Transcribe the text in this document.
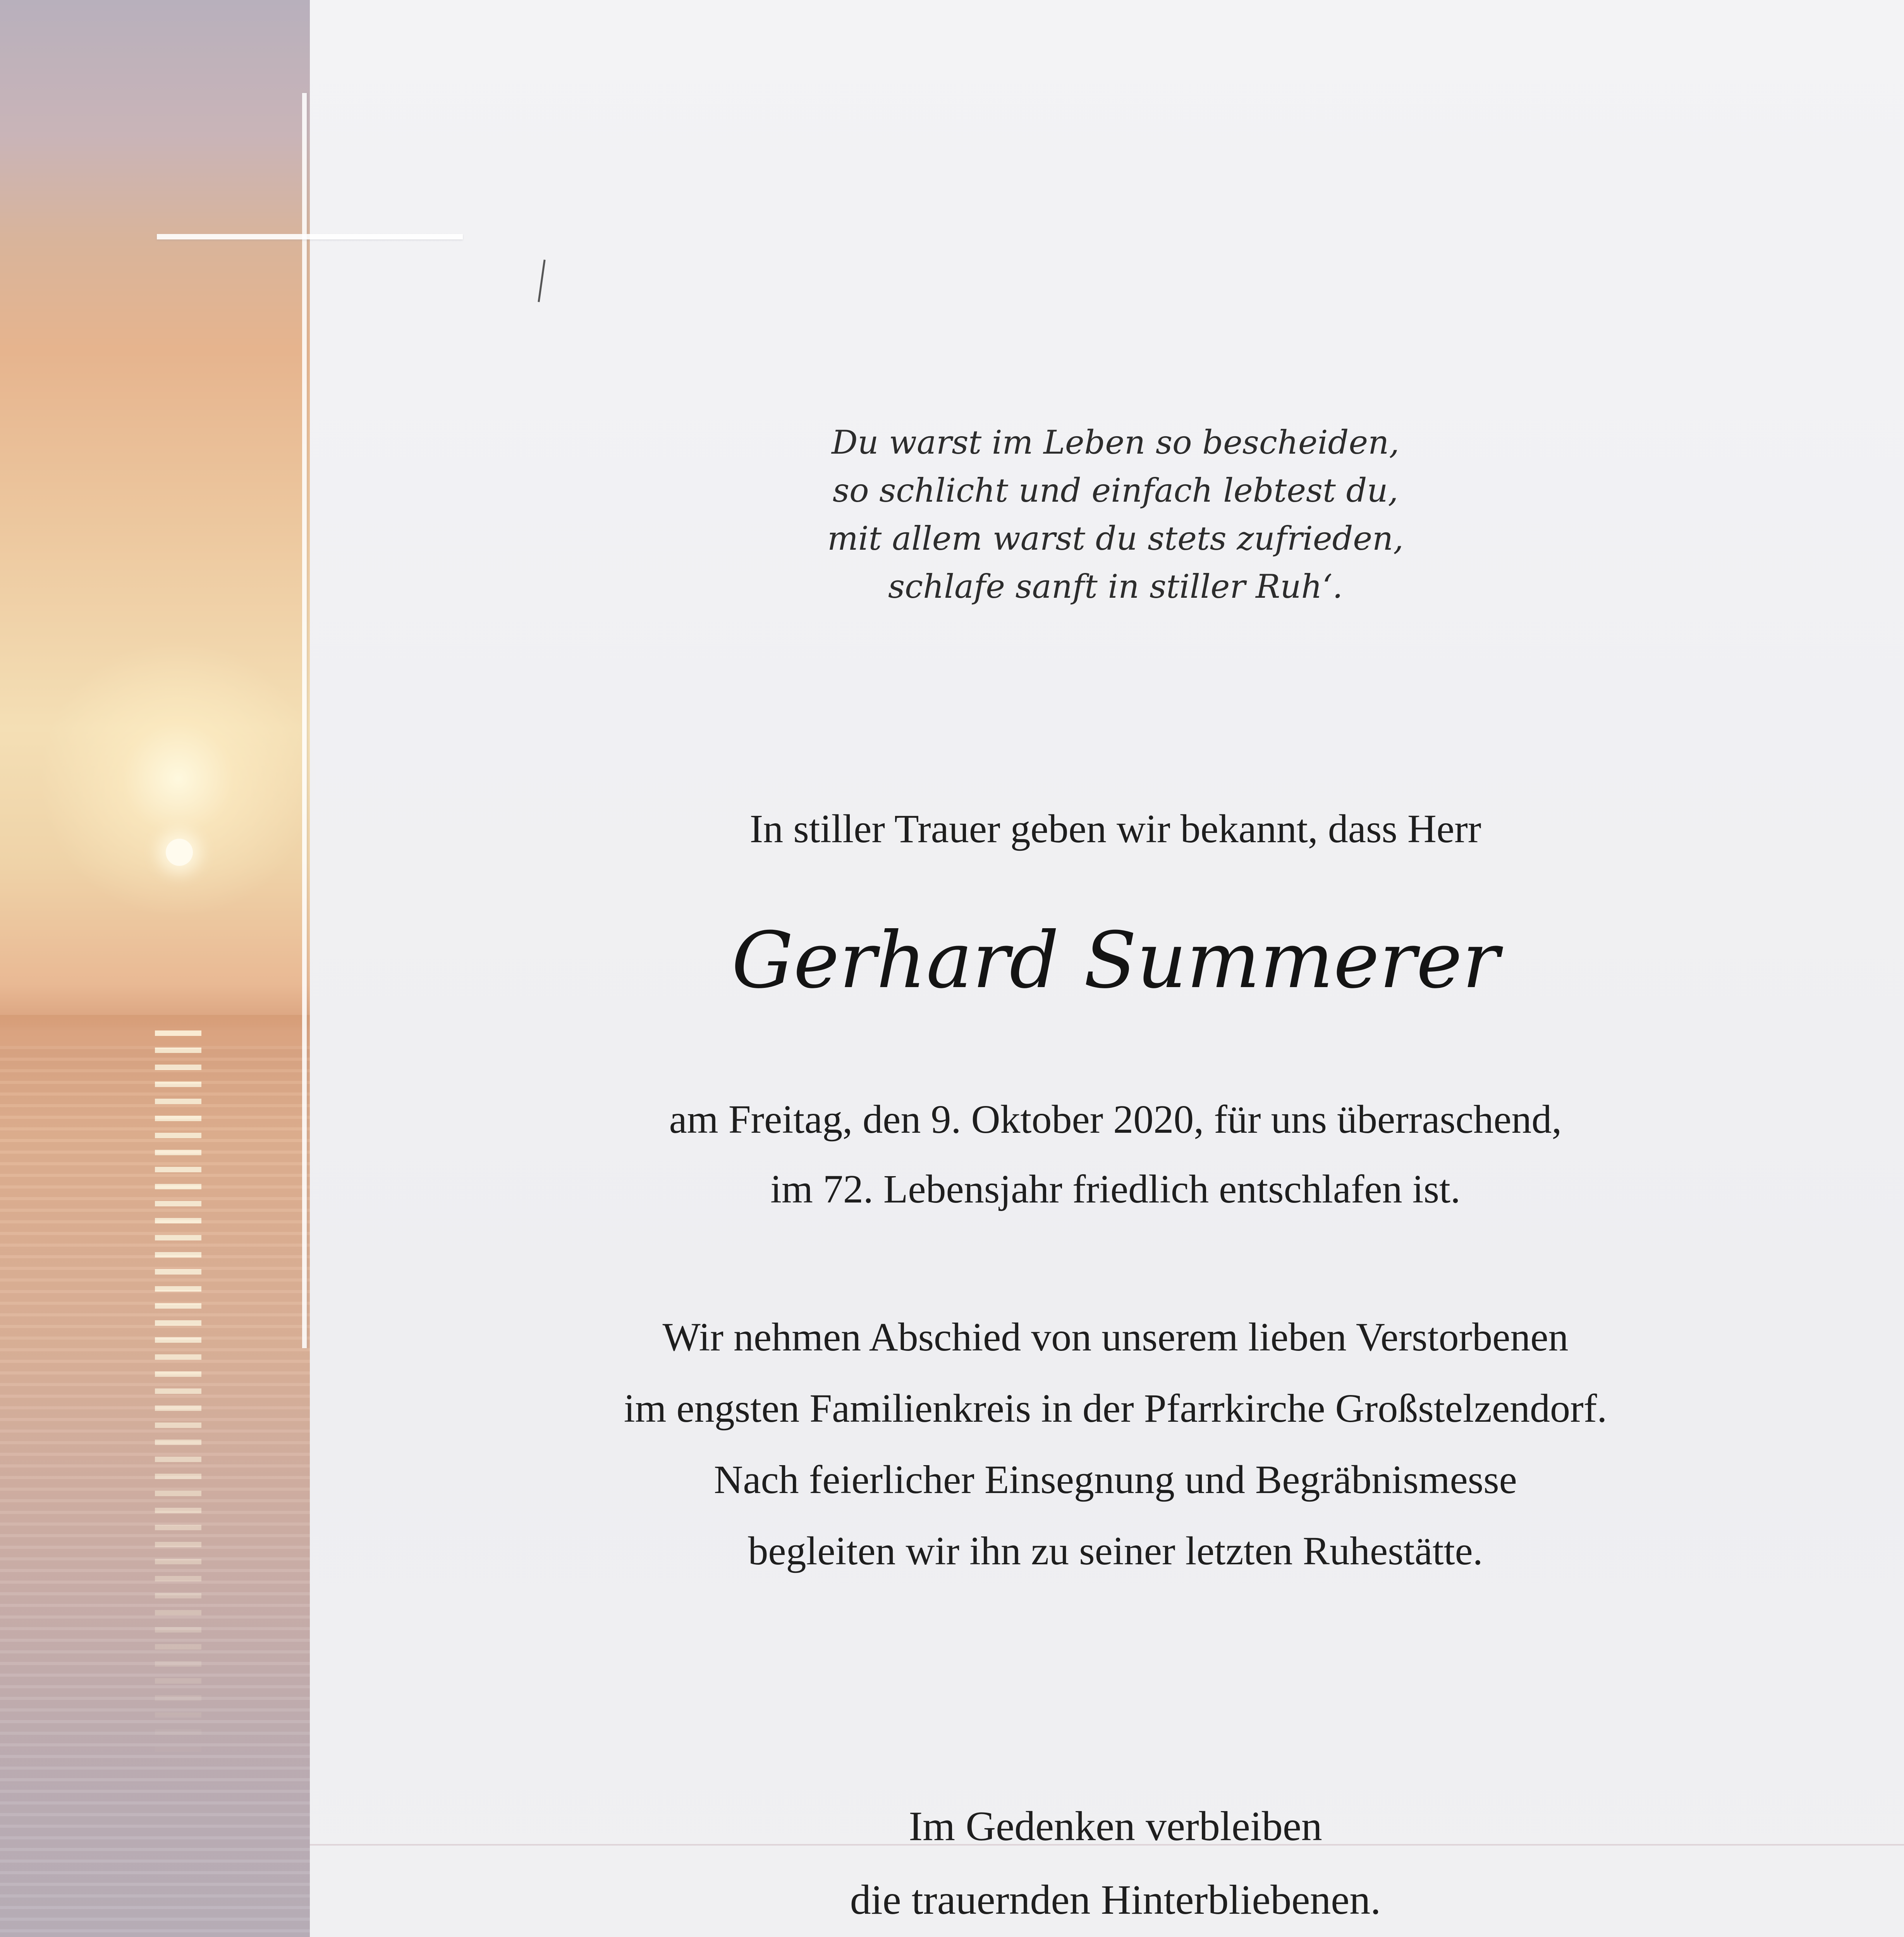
Du warst im Leben so bescheiden,
so schlicht und einfach lebtest du,
mit allem warst du stets zufrieden,
schlafe sanft in stiller Ruh‘.
In stiller Trauer geben wir bekannt, dass Herr
Gerhard Summerer
am Freitag, den 9. Oktober 2020, für uns überraschend,
im 72. Lebensjahr friedlich entschlafen ist.
Wir nehmen Abschied von unserem lieben Verstorbenen
im engsten Familienkreis in der Pfarrkirche Großstelzendorf.
Nach feierlicher Einsegnung und Begräbnismesse
begleiten wir ihn zu seiner letzten Ruhestätte.
Im Gedenken verbleiben
die trauernden Hinterbliebenen.
